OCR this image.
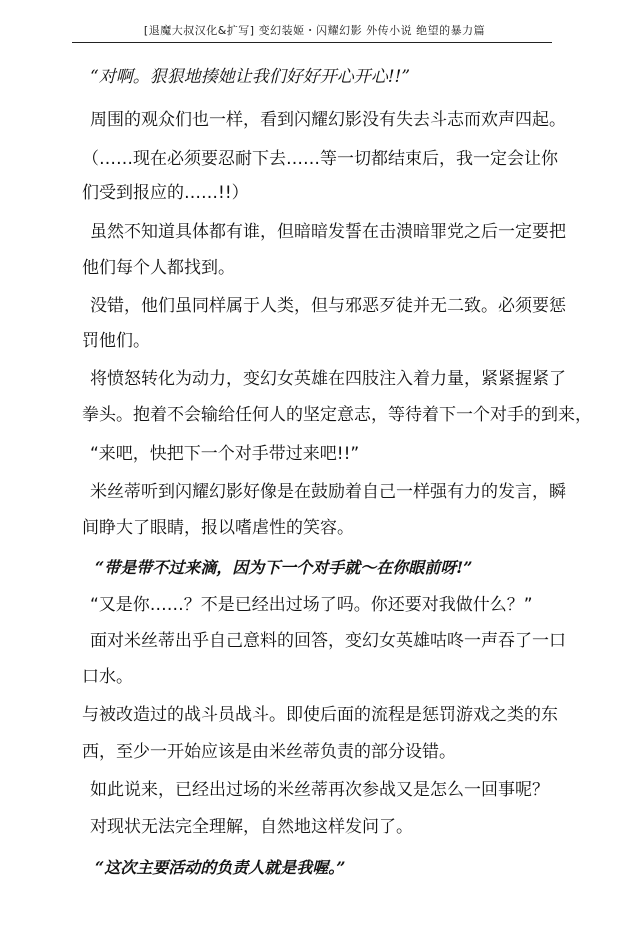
[退魔大叔汉化&扩写] 变幻装姬・闪耀幻影 外传小说 绝望的暴力篇
“对啊。狠狠地揍她让我们好好开心开心!!”
周围的观众们也一样，看到闪耀幻影没有失去斗志而欢声四起。
（……现在必须要忍耐下去……等一切都结束后，我一定会让你
们受到报应的……!!）
虽然不知道具体都有谁，但暗暗发誓在击溃暗罪党之后一定要把
他们每个人都找到。
没错，他们虽同样属于人类，但与邪恶歹徒并无二致。必须要惩
罚他们。
将愤怒转化为动力，变幻女英雄在四肢注入着力量，紧紧握紧了
拳头。抱着不会输给任何人的坚定意志，等待着下一个对手的到来，
“来吧，快把下一个对手带过来吧!!”
米丝蒂听到闪耀幻影好像是在鼓励着自己一样强有力的发言，瞬
间睁大了眼睛，报以嗜虐性的笑容。
“带是带不过来滴，因为下一个对手就～在你眼前呀!”
“又是你……？不是已经出过场了吗。你还要对我做什么？”
面对米丝蒂出乎自己意料的回答，变幻女英雄咕咚一声吞了一口
口水。
与被改造过的战斗员战斗。即使后面的流程是惩罚游戏之类的东
西，至少一开始应该是由米丝蒂负责的部分设错。
如此说来，已经出过场的米丝蒂再次参战又是怎么一回事呢？
对现状无法完全理解，自然地这样发问了。
“这次主要活动的负责人就是我喔。”
